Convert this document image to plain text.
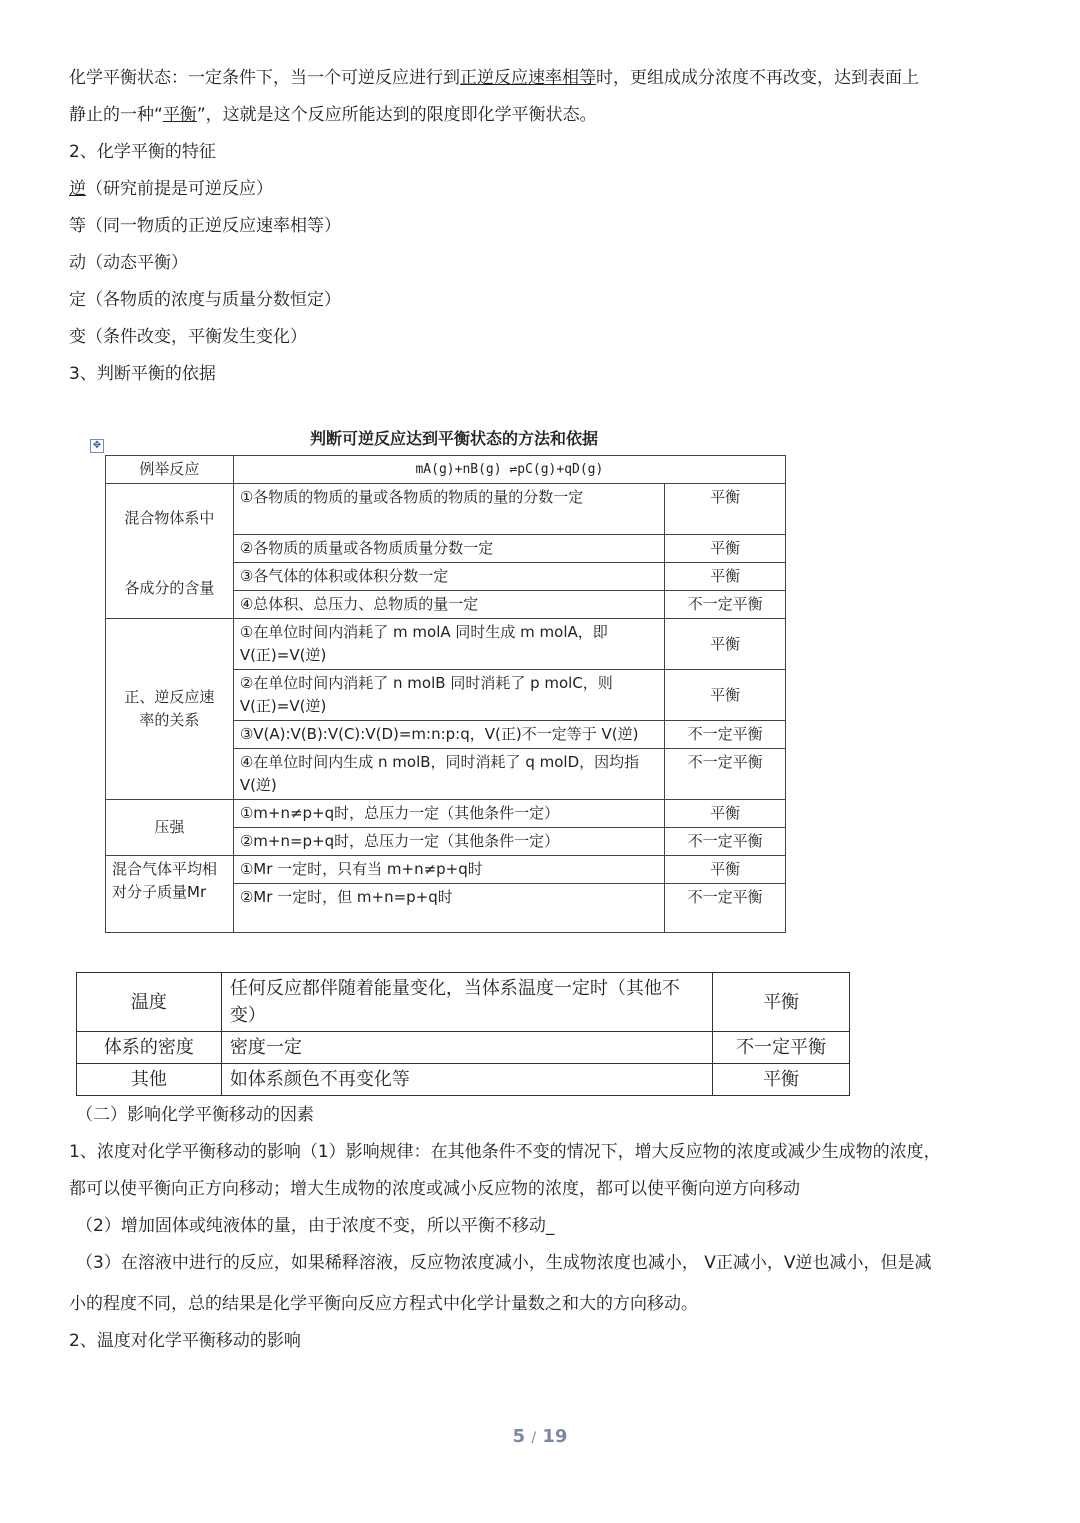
化学平衡状态：一定条件下，当一个可逆反应进行到正逆反应速率相等时，更组成成分浓度不再改变，达到表面上
静止的一种“平衡”，这就是这个反应所能达到的限度即化学平衡状态。
2、化学平衡的特征
逆（研究前提是可逆反应）
等（同一物质的正逆反应速率相等）
动（动态平衡）
定（各物质的浓度与质量分数恒定）
变（条件改变，平衡发生变化）
3、判断平衡的依据
判断可逆反应达到平衡状态的方法和依据
✥
例举反应	mA(g)+nB(g) ⇌pC(g)+qD(g)	

混合物体系中
各成分的含量	①各物质的物质的量或各物质的物质的量的分数一定	平衡
	②各物质的质量或各物质质量分数一定	平衡
	③各气体的体积或体积分数一定	平衡
	④总体积、总压力、总物质的量一定	不一定平衡
正、逆反应速率的关系	①在单位时间内消耗了 m molA 同时生成 m molA，即 V(正)=V(逆)	平衡
	②在单位时间内消耗了 n molB 同时消耗了 p molC，则 V(正)=V(逆)	平衡
	③V(A):V(B):V(C):V(D)=m:n:p:q，V(正)不一定等于 V(逆)	不一定平衡
	④在单位时间内生成 n molB，同时消耗了 q molD，因均指 V(逆)	不一定平衡
压强	①m+n≠p+q时，总压力一定（其他条件一定）	平衡
	②m+n=p+q时，总压力一定（其他条件一定）	不一定平衡
混合气体平均相对分子质量Mr	①Mr 一定时，只有当 m+n≠p+q时	平衡
	②Mr 一定时，但 m+n=p+q时	不一定平衡
温度	任何反应都伴随着能量变化，当体系温度一定时（其他不变）	平衡
体系的密度	密度一定	不一定平衡
其他	如体系颜色不再变化等	平衡
（二）影响化学平衡移动的因素
1、浓度对化学平衡移动的影响（1）影响规律：在其他条件不变的情况下，增大反应物的浓度或减少生成物的浓度，
都可以使平衡向正方向移动；增大生成物的浓度或减小反应物的浓度，都可以使平衡向逆方向移动
（2）增加固体或纯液体的量，由于浓度不变，所以平衡不移动_
（3）在溶液中进行的反应，如果稀释溶液，反应物浓度减小，生成物浓度也减小， V正减小，V逆也减小，但是减
小的程度不同，总的结果是化学平衡向反应方程式中化学计量数之和大的方向移动。
2、温度对化学平衡移动的影响
5 / 19
